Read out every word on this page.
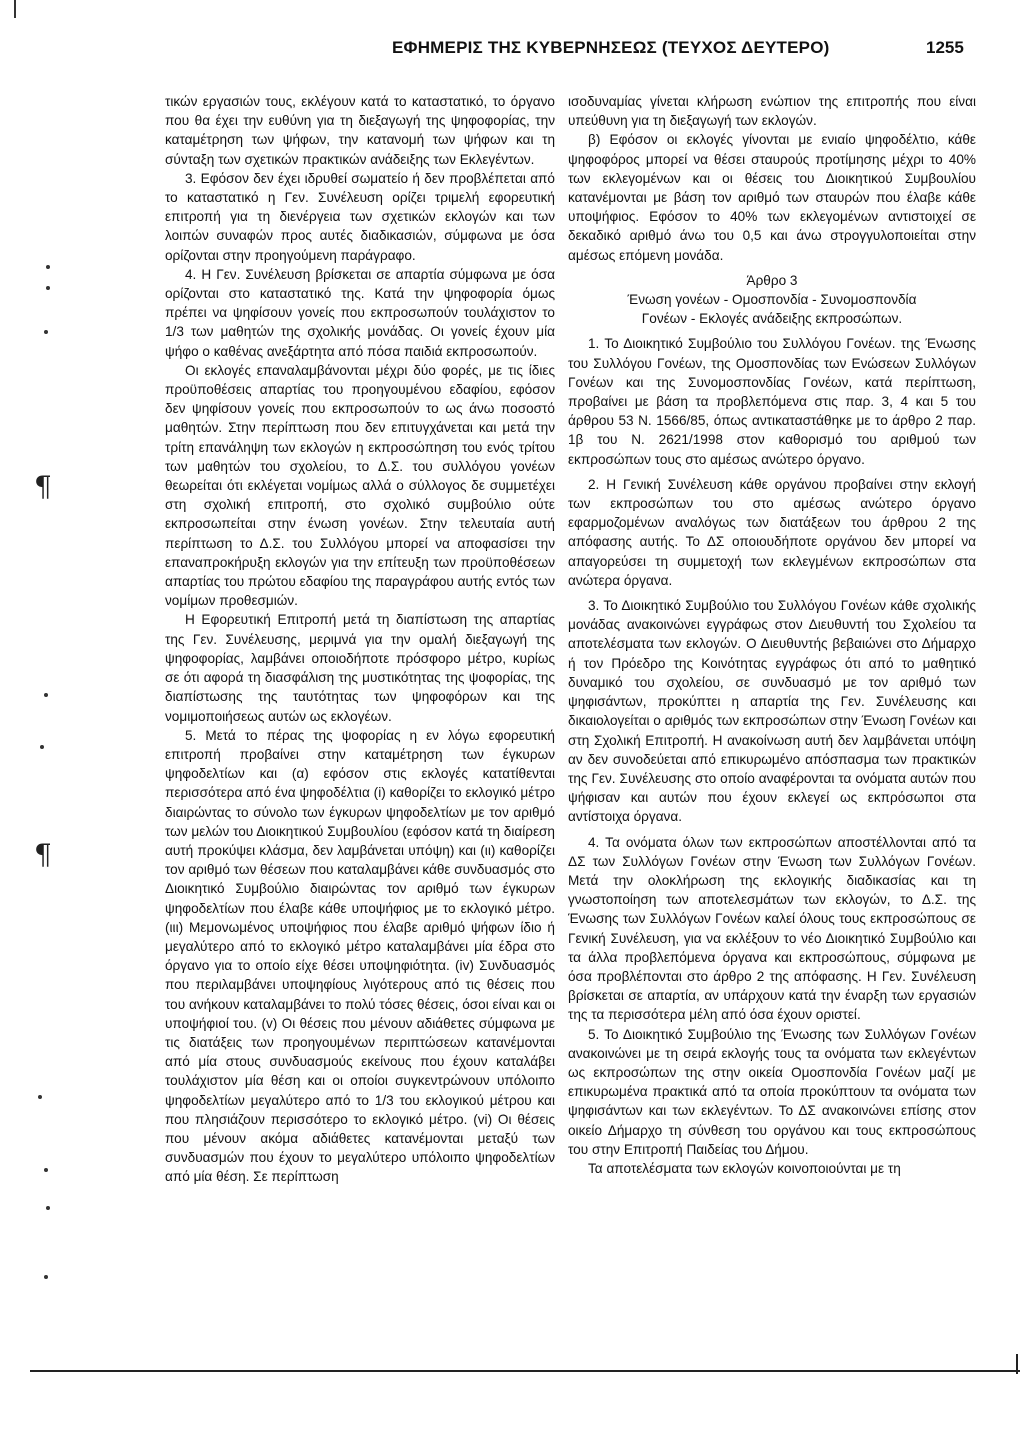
ΕΦΗΜΕΡΙΣ ΤΗΣ ΚΥΒΕΡΝΗΣΕΩΣ (ΤΕΥΧΟΣ ΔΕΥΤΕΡΟ)	1255
¶
¶

τικών εργασιών τους, εκλέγουν κατά το καταστατικό, το όργανο που θα έχει την ευθύνη για τη διεξαγωγή της ψηφοφορίας, την καταμέτρηση των ψήφων, την κατανομή των ψήφων και τη σύνταξη των σχετικών πρακτικών ανάδειξης των Εκλεγέντων.

3. Εφόσον δεν έχει ιδρυθεί σωματείο ή δεν προβλέπεται από το καταστατικό η Γεν. Συνέλευση ορίζει τριμελή εφορευτική επιτροπή για τη διενέργεια των σχετικών εκλογών και των λοιπών συναφών προς αυτές διαδικασιών, σύμφωνα με όσα ορίζονται στην προηγούμενη παράγραφο.

4. Η Γεν. Συνέλευση βρίσκεται σε απαρτία σύμφωνα με όσα ορίζονται στο καταστατικό της. Κατά την ψηφοφορία όμως πρέπει να ψηφίσουν γονείς που εκπροσωπούν τουλάχιστον το 1/3 των μαθητών της σχολικής μονάδας. Οι γονείς έχουν μία ψήφο ο καθένας ανεξάρτητα από πόσα παιδιά εκπροσωπούν.

Οι εκλογές επαναλαμβάνονται μέχρι δύο φορές, με τις ίδιες προϋποθέσεις απαρτίας του προηγουμένου εδαφίου, εφόσον δεν ψηφίσουν γονείς που εκπροσωπούν το ως άνω ποσοστό μαθητών. Στην περίπτωση που δεν επιτυγχάνεται και μετά την τρίτη επανάληψη των εκλογών η εκπροσώπηση του ενός τρίτου των μαθητών του σχολείου, το Δ.Σ. του συλλόγου γονέων θεωρείται ότι εκλέγεται νομίμως αλλά ο σύλλογος δε συμμετέχει στη σχολική επιτροπή, στο σχολικό συμβούλιο ούτε εκπροσωπείται στην ένωση γονέων. Στην τελευταία αυτή περίπτωση το Δ.Σ. του Συλλόγου μπορεί να αποφασίσει την επαναπροκήρυξη εκλογών για την επίτευξη των προϋποθέσεων απαρτίας του πρώτου εδαφίου της παραγράφου αυτής εντός των νομίμων προθεσμιών.

Η Εφορευτική Επιτροπή μετά τη διαπίστωση της απαρτίας της Γεν. Συνέλευσης, μεριμνά για την ομαλή διεξαγωγή της ψηφοφορίας, λαμβάνει οποιοδήποτε πρόσφορο μέτρο, κυρίως σε ότι αφορά τη διασφάλιση της μυστικότητας της ψοφορίας, της διαπίστωσης της ταυτότητας των ψηφοφόρων και της νομιμοποιήσεως αυτών ως εκλογέων.

5. Μετά το πέρας της ψοφορίας η εν λόγω εφορευτική επιτροπή προβαίνει στην καταμέτρηση των έγκυρων ψηφοδελτίων και (α) εφόσον στις εκλογές κατατίθενται περισσότερα από ένα ψηφοδέλτια (i) καθορίζει το εκλογικό μέτρο διαιρώντας το σύνολο των έγκυρων ψηφοδελτίων με τον αριθμό των μελών του Διοικητικού Συμβουλίου (εφόσον κατά τη διαίρεση αυτή προκύψει κλάσμα, δεν λαμβάνεται υπόψη) και (ιι) καθορίζει τον αριθμό των θέσεων που καταλαμβάνει κάθε συνδυασμός στο Διοικητικό Συμβούλιο διαιρώντας τον αριθμό των έγκυρων ψηφοδελτίων που έλαβε κάθε υποψήφιος με το εκλογικό μέτρο. (ιιι) Μεμονωμένος υποψήφιος που έλαβε αριθμό ψήφων ίδιο ή μεγαλύτερο από το εκλογικό μέτρο καταλαμβάνει μία έδρα στο όργανο για το οποίο είχε θέσει υποψηφιότητα. (iv) Συνδυασμός που περιλαμβάνει υποψηφίους λιγότερους από τις θέσεις που του ανήκουν καταλαμβάνει το πολύ τόσες θέσεις, όσοι είναι και οι υποψήφιοί του. (v) Οι θέσεις που μένουν αδιάθετες σύμφωνα με τις διατάξεις των προηγουμένων περιπτώσεων κατανέμονται από μία στους συνδυασμούς εκείνους που έχουν καταλάβει τουλάχιστον μία θέση και οι οποίοι συγκεντρώνουν υπόλοιπο ψηφοδελτίων μεγαλύτερο από το 1/3 του εκλογικού μέτρου και που πλησιάζουν περισσότερο το εκλογικό μέτρο. (vi) Οι θέσεις που μένουν ακόμα αδιάθετες κατανέμονται μεταξύ των συνδυασμών που έχουν το μεγαλύτερο υπόλοιπο ψηφοδελτίων από μία θέση. Σε περίπτωση

ισοδυναμίας γίνεται κλήρωση ενώπιον της επιτροπής που είναι υπεύθυνη για τη διεξαγωγή των εκλογών.

β) Εφόσον οι εκλογές γίνονται με ενιαίο ψηφοδέλτιο, κάθε ψηφοφόρος μπορεί να θέσει σταυρούς προτίμησης μέχρι το 40% των εκλεγομένων και οι θέσεις του Διοικητικού Συμβουλίου κατανέμονται με βάση τον αριθμό των σταυρών που έλαβε κάθε υποψήφιος. Εφόσον το 40% των εκλεγομένων αντιστοιχεί σε δεκαδικό αριθμό άνω του 0,5 και άνω στρογγυλοποιείται στην αμέσως επόμενη μονάδα.

Άρθρο 3

Ένωση γονέων - Ομοσπονδία - Συνομοσπονδία

Γονέων - Εκλογές ανάδειξης εκπροσώπων.

1. Το Διοικητικό Συμβούλιο του Συλλόγου Γονέων. της Ένωσης του Συλλόγου Γονέων, της Ομοσπονδίας των Ενώσεων Συλλόγων Γονέων και της Συνομοσπονδίας Γονέων, κατά περίπτωση, προβαίνει με βάση τα προβλεπόμενα στις παρ. 3, 4 και 5 του άρθρου 53 Ν. 1566/85, όπως αντικαταστάθηκε με το άρθρο 2 παρ. 1β του Ν. 2621/1998 στον καθορισμό του αριθμού των εκπροσώπων τους στο αμέσως ανώτερο όργανο.

2. Η Γενική Συνέλευση κάθε οργάνου προβαίνει στην εκλογή των εκπροσώπων του στο αμέσως ανώτερο όργανο εφαρμοζομένων αναλόγως των διατάξεων του άρθρου 2 της απόφασης αυτής. Το ΔΣ οποιουδήποτε οργάνου δεν μπορεί να απαγορεύσει τη συμμετοχή των εκλεγμένων εκπροσώπων στα ανώτερα όργανα.

3. Το Διοικητικό Συμβούλιο του Συλλόγου Γονέων κάθε σχολικής μονάδας ανακοινώνει εγγράφως στον Διευθυντή του Σχολείου τα αποτελέσματα των εκλογών. Ο Διευθυντής βεβαιώνει στο Δήμαρχο ή τον Πρόεδρο της Κοινότητας εγγράφως ότι από το μαθητικό δυναμικό του σχολείου, σε συνδυασμό με τον αριθμό των ψηφισάντων, προκύπτει η απαρτία της Γεν. Συνέλευσης και δικαιολογείται ο αριθμός των εκπροσώπων στην Ένωση Γονέων και στη Σχολική Επιτροπή. Η ανακοίνωση αυτή δεν λαμβάνεται υπόψη αν δεν συνοδεύεται από επικυρωμένο απόσπασμα των πρακτικών της Γεν. Συνέλευσης στο οποίο αναφέρονται τα ονόματα αυτών που ψήφισαν και αυτών που έχουν εκλεγεί ως εκπρόσωποι στα αντίστοιχα όργανα.

4. Τα ονόματα όλων των εκπροσώπων αποστέλλονται από τα ΔΣ των Συλλόγων Γονέων στην Ένωση των Συλλόγων Γονέων. Μετά την ολοκλήρωση της εκλογικής διαδικασίας και τη γνωστοποίηση των αποτελεσμάτων των εκλογών, το Δ.Σ. της Ένωσης των Συλλόγων Γονέων καλεί όλους τους εκπροσώπους σε Γενική Συνέλευση, για να εκλέξουν το νέο Διοικητικό Συμβούλιο και τα άλλα προβλεπόμενα όργανα και εκπροσώπους, σύμφωνα με όσα προβλέπονται στο άρθρο 2 της απόφασης. Η Γεν. Συνέλευση βρίσκεται σε απαρτία, αν υπάρχουν κατά την έναρξη των εργασιών της τα περισσότερα μέλη από όσα έχουν οριστεί.

5. Το Διοικητικό Συμβούλιο της Ένωσης των Συλλόγων Γονέων ανακοινώνει με τη σειρά εκλογής τους τα ονόματα των εκλεγέντων ως εκπροσώπων της στην οικεία Ομοσπονδία Γονέων μαζί με επικυρωμένα πρακτικά από τα οποία προκύπτουν τα ονόματα των ψηφισάντων και των εκλεγέντων. Το ΔΣ ανακοινώνει επίσης στον οικείο Δήμαρχο τη σύνθεση του οργάνου και τους εκπροσώπους του στην Επιτροπή Παιδείας του Δήμου.

Τα αποτελέσματα των εκλογών κοινοποιούνται με τη
